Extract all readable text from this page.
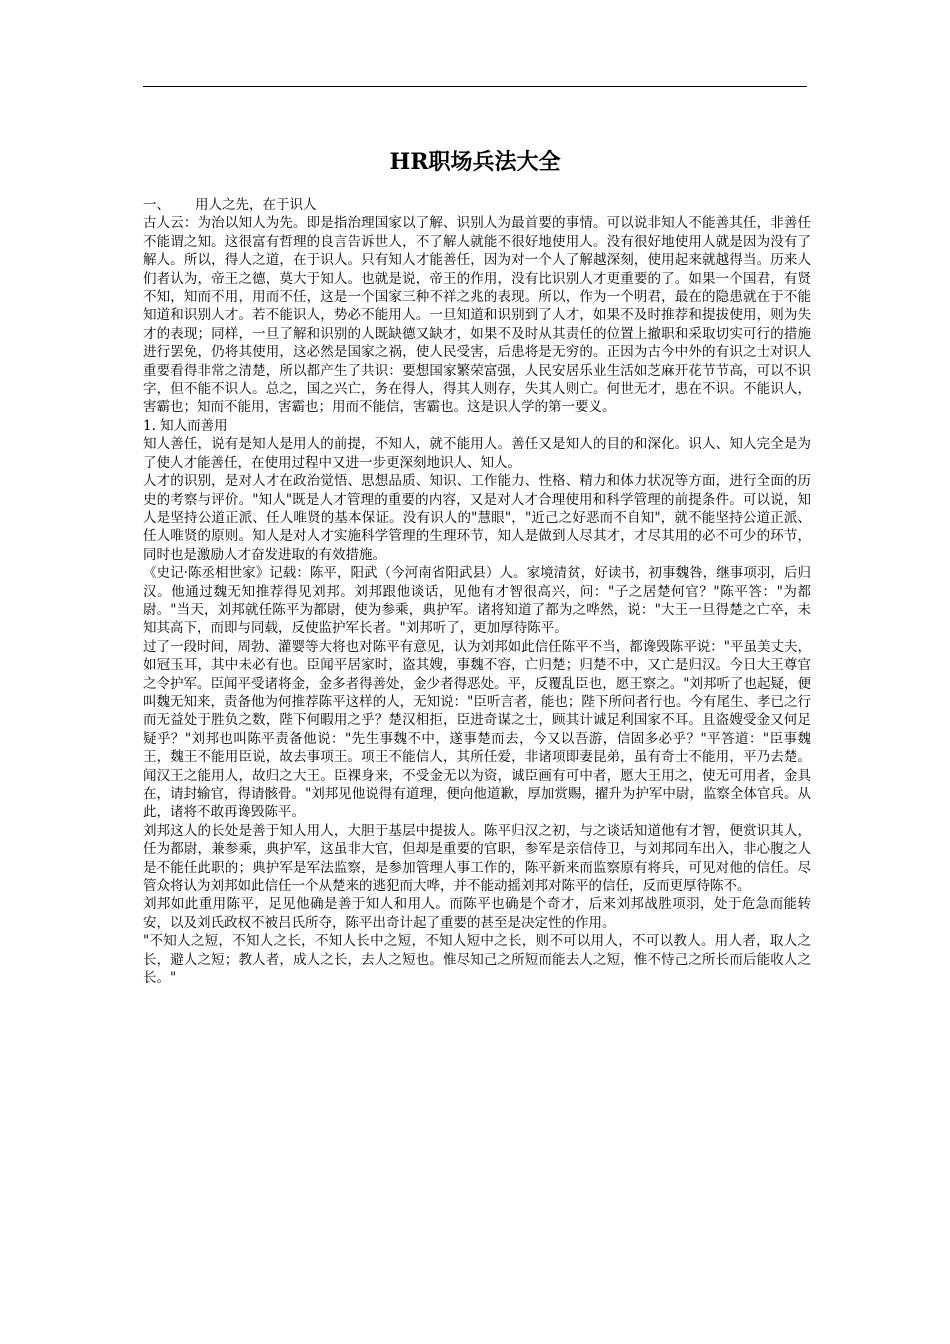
HR职场兵法大全

一、 用人之先，在于识人

古人云：为治以知人为先。即是指治理国家以了解、识别人为最首要的事情。可以说非知人不能善其任，非善任不能谓之知。这很富有哲理的良言告诉世人，不了解人就能不很好地使用人。没有很好地使用人就是因为没有了解人。所以，得人之道，在于识人。只有知人才能善任，因为对一个人了解越深刻，使用起来就越得当。历来人们者认为，帝王之德，莫大于知人。也就是说，帝王的作用，没有比识别人才更重要的了。如果一个国君，有贤不知，知而不用，用而不任，这是一个国家三种不祥之兆的表现。所以，作为一个明君，最在的隐患就在于不能知道和识别人才。若不能识人，势必不能用人。一旦知道和识别到了人才，如果不及时推荐和提拔使用，则为失才的表现；同样，一旦了解和识别的人既缺德又缺才，如果不及时从其责任的位置上撤职和采取切实可行的措施进行罢免，仍将其使用，这必然是国家之祸，使人民受害，后患将是无穷的。正因为古今中外的有识之士对识人重要看得非常之清楚，所以都产生了共识：要想国家繁荣富强，人民安居乐业生活如芝麻开花节节高，可以不识字，但不能不识人。总之，国之兴亡，务在得人，得其人则存，失其人则亡。何世无才，患在不识。不能识人，害霸也；知而不能用，害霸也；用而不能信，害霸也。这是识人学的第一要义。

1. 知人而善用

知人善任，说有是知人是用人的前提，不知人，就不能用人。善任又是知人的目的和深化。识人、知人完全是为了使人才能善任，在使用过程中又进一步更深刻地识人、知人。

人才的识别，是对人才在政治觉悟、思想品质、知识、工作能力、性格、精力和体力状况等方面，进行全面的历史的考察与评价。"知人"既是人才管理的重要的内容，又是对人才合理使用和科学管理的前提条件。可以说，知人是坚持公道正派、任人唯贤的基本保证。没有识人的"慧眼"，"近己之好恶而不自知"，就不能坚持公道正派、任人唯贤的原则。知人是对人才实施科学管理的生理环节，知人是做到人尽其才，才尽其用的必不可少的环节，同时也是激励人才奋发进取的有效措施。

《史记·陈丞相世家》记载：陈平，阳武（今河南省阳武县）人。家境清贫，好读书，初事魏咎，继事项羽，后归汉。他通过魏无知推荐得见刘邦。刘邦跟他谈话，见他有才智很高兴，问："子之居楚何官？"陈平答："为都尉。"当天，刘邦就任陈平为都尉，使为参乘，典护军。诸将知道了都为之哗然，说："大王一旦得楚之亡卒，未知其高下，而即与同载，反使监护军长者。"刘邦听了，更加厚待陈平。

过了一段时间，周勃、灌婴等大将也对陈平有意见，认为刘邦如此信任陈平不当，都谗毁陈平说："平虽美丈夫，如冠玉耳，其中未必有也。臣闻平居家时，盗其嫂，事魏不容，亡归楚；归楚不中，又亡是归汉。今日大王尊官之令护军。臣闻平受诸将金，金多者得善处，金少者得恶处。平，反覆乱臣也，愿王察之。"刘邦听了也起疑，便叫魏无知来，责备他为何推荐陈平这样的人，无知说："臣听言者，能也；陛下所问者行也。今有尾生、孝已之行而无益处于胜负之数，陛下何暇用之乎？楚汉相拒，臣进奇谋之士，顾其计诚足利国家不耳。且盗嫂受金又何足疑乎？"刘邦也叫陈平责备他说："先生事魏不中，遂事楚而去，今又以吾游，信固多必乎？"平答道："臣事魏王，魏王不能用臣说，故去事项王。项王不能信人，其所任爱，非诸项即妻昆弟，虽有奇士不能用，平乃去楚。闻汉王之能用人，故归之大王。臣裸身来，不受金无以为资，诚臣画有可中者，愿大王用之，使无可用者，金具在，请封输官，得请骸骨。"刘邦见他说得有道理，便向他道歉，厚加赏赐，擢升为护军中尉，监察全体官兵。从此，诸将不敢再谗毁陈平。

刘邦这人的长处是善于知人用人，大胆于基层中提拔人。陈平归汉之初，与之谈话知道他有才智，便赏识其人，任为都尉，兼参乘，典护军，这虽非大官，但却是重要的官职，参军是亲信侍卫，与刘邦同车出入，非心腹之人是不能任此职的；典护军是军法监察，是参加管理人事工作的，陈平新来而监察原有将兵，可见对他的信任。尽管众将认为刘邦如此信任一个从楚来的逃犯而大哗，并不能动摇刘邦对陈平的信任，反而更厚待陈不。

刘邦如此重用陈平，足见他确是善于知人和用人。而陈平也确是个奇才，后来刘邦战胜项羽，处于危急而能转安，以及刘氏政权不被吕氏所夺，陈平出奇计起了重要的甚至是决定性的作用。

"不知人之短，不知人之长，不知人长中之短，不知人短中之长，则不可以用人，不可以教人。用人者，取人之长，避人之短；教人者，成人之长，去人之短也。惟尽知己之所短而能去人之短，惟不恃己之所长而后能收人之长。"
